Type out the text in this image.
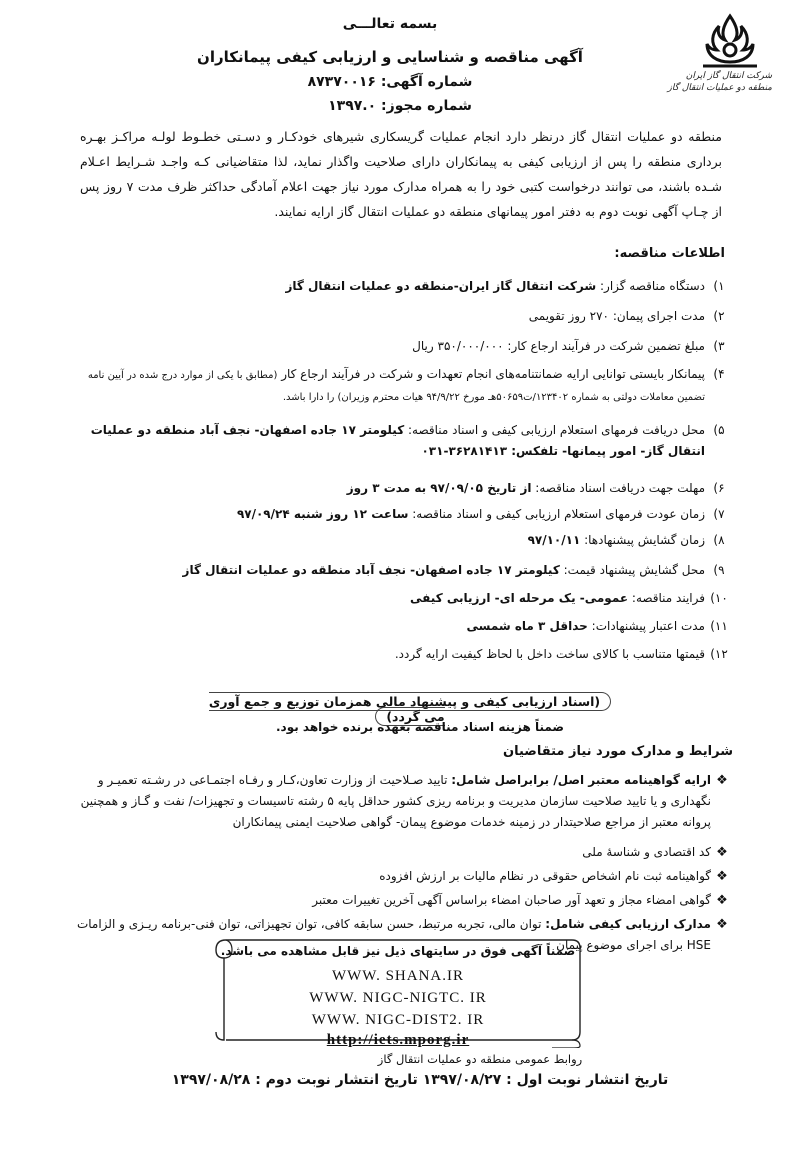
شرکت انتقال گاز ایران
منطقه دو عملیات انتقال گاز
بسمه تعالـــی
آگهی مناقصه و شناسایی و ارزیابی کیفی پیمانکاران
شماره آگهی: ۸۷۳۷۰۰۱۶
شماره مجوز: ۱۳۹۷.۰

منطقه دو عملیات انتقال گاز درنظر دارد انجام عملیات گریسکاری شیرهای خودکـار و دسـتی خطـوط لولـه مراکـز بهـره برداری منطقه را پس از ارزیابی کیفی به پیمانکاران دارای صلاحیت واگذار نماید، لذا متقاضیانی کـه واجـد شـرایط اعـلام شـده باشند، می توانند درخواست کتبی خود را به همراه مدارک مورد نیاز جهت اعلام آمادگی حداکثر ظرف مدت ۷ روز پس از چـاپ آگهی نوبت دوم به دفتر امور پیمانهای منطقه دو عملیات انتقال گاز ارایه نمایند.

اطلاعات مناقصه:
۱)
دستگاه مناقصه گزار: شرکت انتقال گاز ایران-منطقه دو عملیات انتقال گاز
۲)
مدت اجرای پیمان: ۲۷۰ روز تقویمی
۳)
مبلغ تضمین شرکت در فرآیند ارجاع کار: ۳۵۰/۰۰۰/۰۰۰ ریال
۴)
پیمانکار بایستی توانایی ارایه ضمانتنامه‌های انجام تعهدات و شرکت در فرآیند ارجاع کار (مطابق با یکی از موارد درج شده در آیین نامه تضمین معاملات دولتی به شماره ۱۲۳۴۰۲/ت۵۰۶۵۹هـ مورخ ۹۴/۹/۲۲ هیات محترم وزیران) را دارا باشد.
۵)
محل دریافت فرمهای استعلام ارزیابی کیفی و اسناد مناقصه: کیلومتر ۱۷ جاده اصفهان- نجف آباد منطقه دو عملیات انتقال گاز- امور پیمانها- تلفکس: ۳۶۲۸۱۴۱۳-۰۳۱
۶)
مهلت جهت دریافت اسناد مناقصه: از تاریخ ۹۷/۰۹/۰۵ به مدت ۳ روز
۷)
زمان عودت فرمهای استعلام ارزیابی کیفی و اسناد مناقصه: ساعت ۱۲ روز شنبه ۹۷/۰۹/۲۴
۸)
زمان گشایش پیشنهادها: ۹۷/۱۰/۱۱
۹)
محل گشایش پیشنهاد قیمت: کیلومتر ۱۷ جاده اصفهان- نجف آباد منطقه دو عملیات انتقال گاز
۱۰)
فرایند مناقصه: عمومی- یک مرحله ای- ارزیابی کیفی
۱۱)
مدت اعتبار پیشنهادات: حداقل ۳ ماه شمسی
۱۲)
قیمتها متناسب با کالای ساخت داخل با لحاظ کیفیت ارایه گردد.
(اسناد ارزیابی کیفی و پیشنهاد مالی همزمان توزیع و جمع آوری می گردد)
ضمناً هزینه اسناد مناقصه بعهده برنده خواهد بود.
شرایط و مدارک مورد نیاز متقاضیان
❖
ارایه گواهینامه معتبر اصل/ برابراصل شامل: تایید صـلاحیت از وزارت تعاون،کـار و رفـاه اجتمـاعی در رشـته تعمیـر و نگهداری و یا تایید صلاحیت سازمان مدیریت و برنامه ریزی کشور حداقل پایه ۵ رشته تاسیسات و تجهیزات/ نفت و گـاز و همچنین پروانه معتبر از مراجع صلاحیتدار در زمینه خدمات موضوع پیمان- گواهی صلاحیت ایمنی پیمانکاران
❖
کد اقتصادی و شناسهٔ ملی
❖
گواهینامه ثبت نام اشخاص حقوقی در نظام مالیات بر ارزش افزوده
❖
گواهی امضاء مجاز و تعهد آور صاحبان امضاء براساس آگهی آخرین تغییرات معتبر
❖
مدارک ارزیابی کیفی شامل: توان مالی، تجربه مرتبط، حسن سابقه کافی، توان تجهیزاتی، توان فنی-برنامه ریـزی و الزامات HSE برای اجرای موضوع پیمان
ضمناً آگهی فوق در سایتهای ذیل نیز قابل مشاهده می باشد.
WWW. SHANA.IR
WWW. NIGC-NIGTC. IR
WWW. NIGC-DIST2. IR
http://iets.mporg.ir
روابط عمومی منطقه دو عملیات انتقال گاز
تاریخ انتشار نوبت اول : ۱۳۹۷/۰۸/۲۷ تاریخ انتشار نوبت دوم : ۱۳۹۷/۰۸/۲۸
